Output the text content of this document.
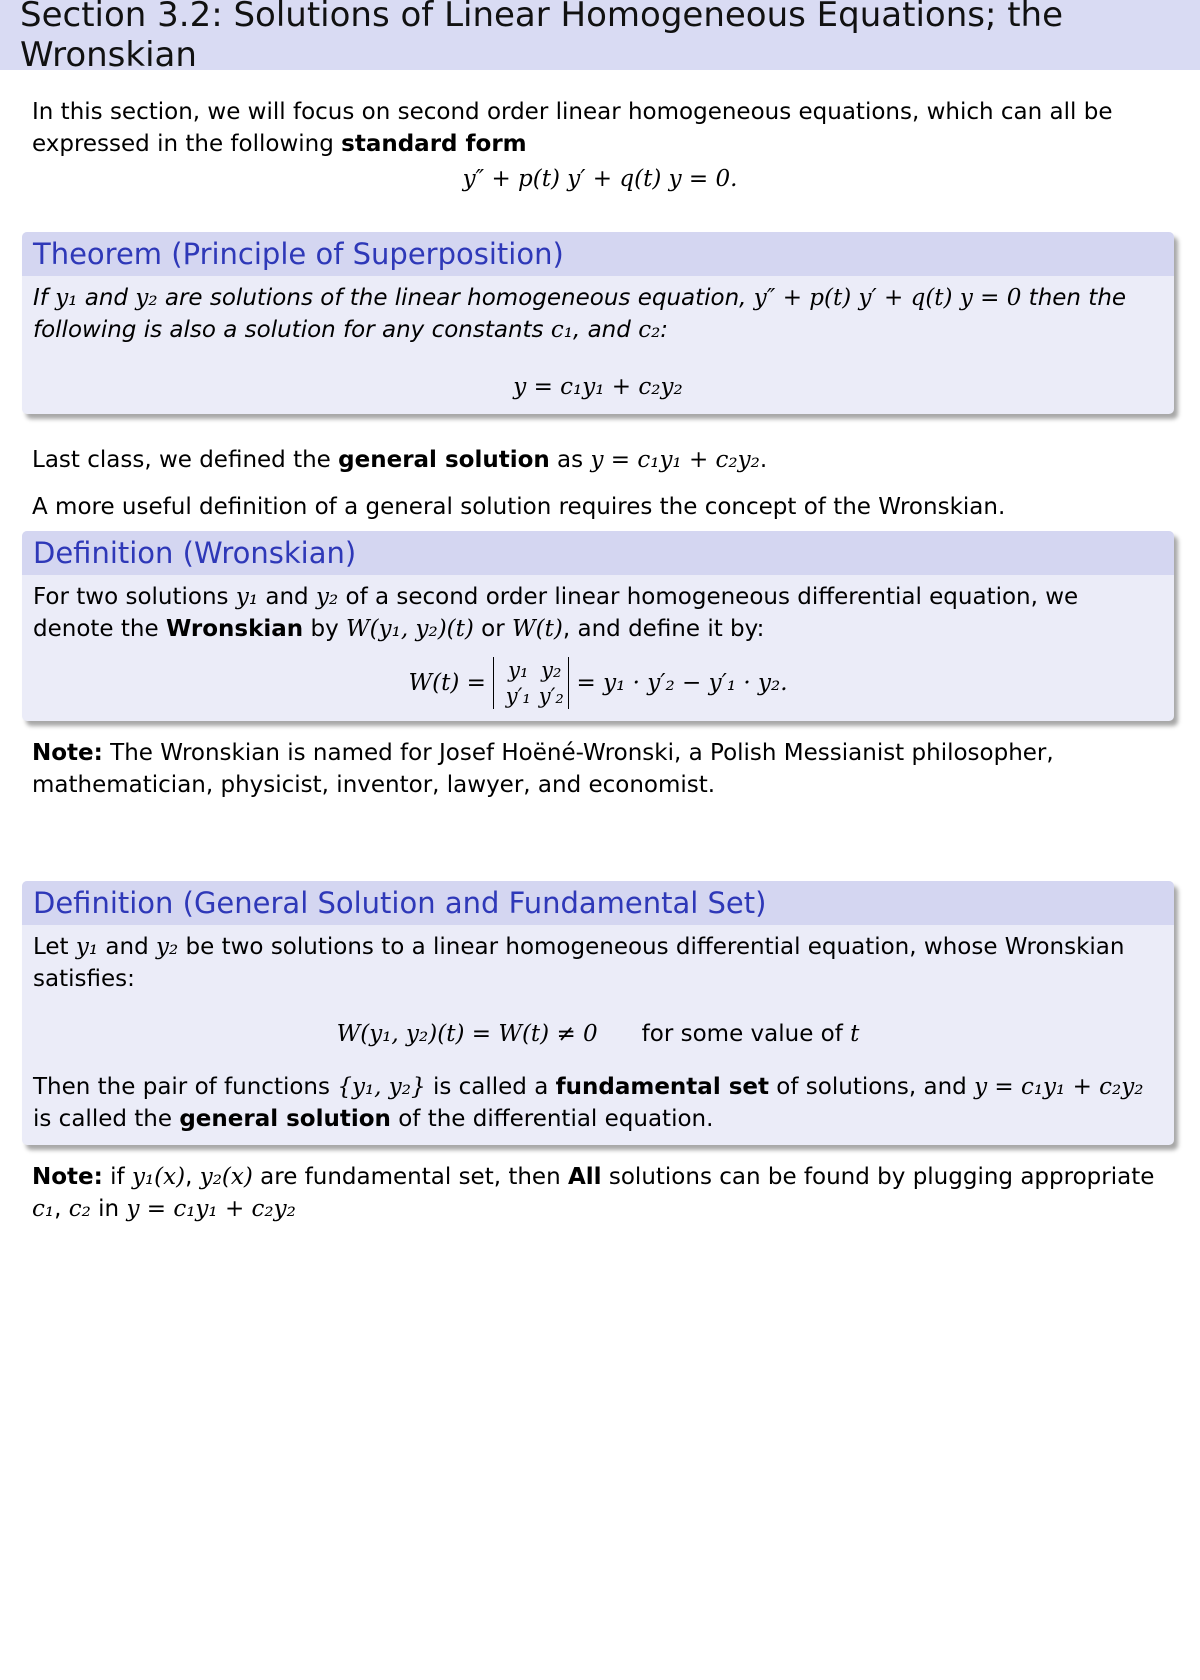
Section 3.2: Solutions of Linear Homogeneous Equations; the Wronskian

In this section, we will focus on second order linear homogeneous equations, which can all be expressed in the following standard form

y″ + p(t) y′ + q(t) y = 0.

Theorem (Principle of Superposition)

If y₁ and y₂ are solutions of the linear homogeneous equation, y″ + p(t) y′ + q(t) y = 0 then the following is also a solution for any constants c₁, and c₂:

y = c₁y₁ + c₂y₂

Last class, we defined the general solution as y = c₁y₁ + c₂y₂.

A more useful definition of a general solution requires the concept of the Wronskian.

Definition (Wronskian)

For two solutions y₁ and y₂ of a second order linear homogeneous differential equation, we denote the Wronskian by W(y₁, y₂)(t) or W(t), and define it by:

W(t) =	y₁ y₂
y′₁ y′₂ = y₁ · y′₂ − y′₁ · y₂.

Note: The Wronskian is named for Josef Hoëné-Wronski, a Polish Messianist philosopher, mathematician, physicist, inventor, lawyer, and economist.

Definition (General Solution and Fundamental Set)

Let y₁ and y₂ be two solutions to a linear homogeneous differential equation, whose Wronskian satisfies:

W(y₁, y₂)(t) = W(t) ≠ 0 for some value of t

Then the pair of functions {y₁, y₂} is called a fundamental set of solutions, and y = c₁y₁ + c₂y₂ is called the general solution of the differential equation.

Note: if y₁(x), y₂(x) are fundamental set, then All solutions can be found by plugging appropriate c₁, c₂ in y = c₁y₁ + c₂y₂
